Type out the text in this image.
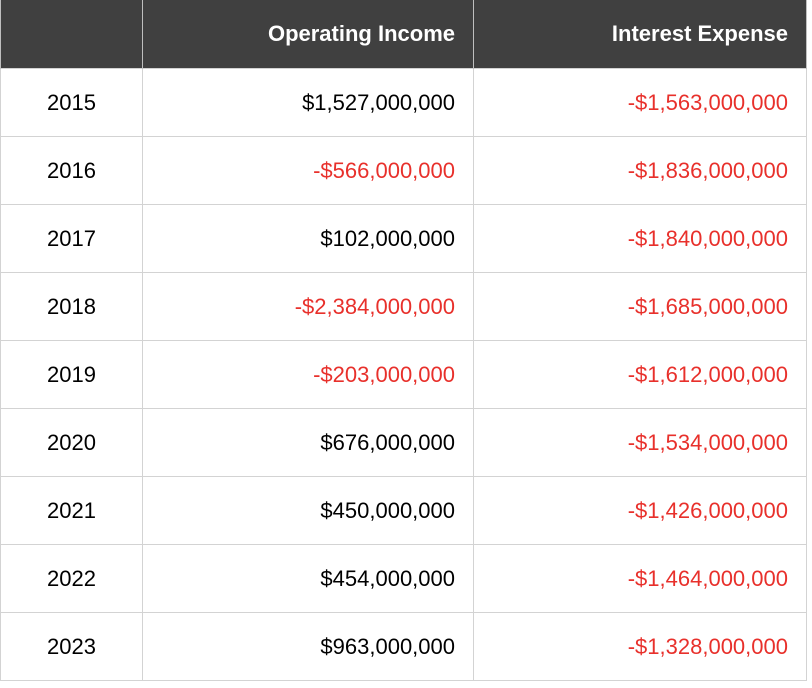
	Operating Income	Interest Expense
2015	$1,527,000,000	-$1,563,000,000
2016	-$566,000,000	-$1,836,000,000
2017	$102,000,000	-$1,840,000,000
2018	-$2,384,000,000	-$1,685,000,000
2019	-$203,000,000	-$1,612,000,000
2020	$676,000,000	-$1,534,000,000
2021	$450,000,000	-$1,426,000,000
2022	$454,000,000	-$1,464,000,000
2023	$963,000,000	-$1,328,000,000
